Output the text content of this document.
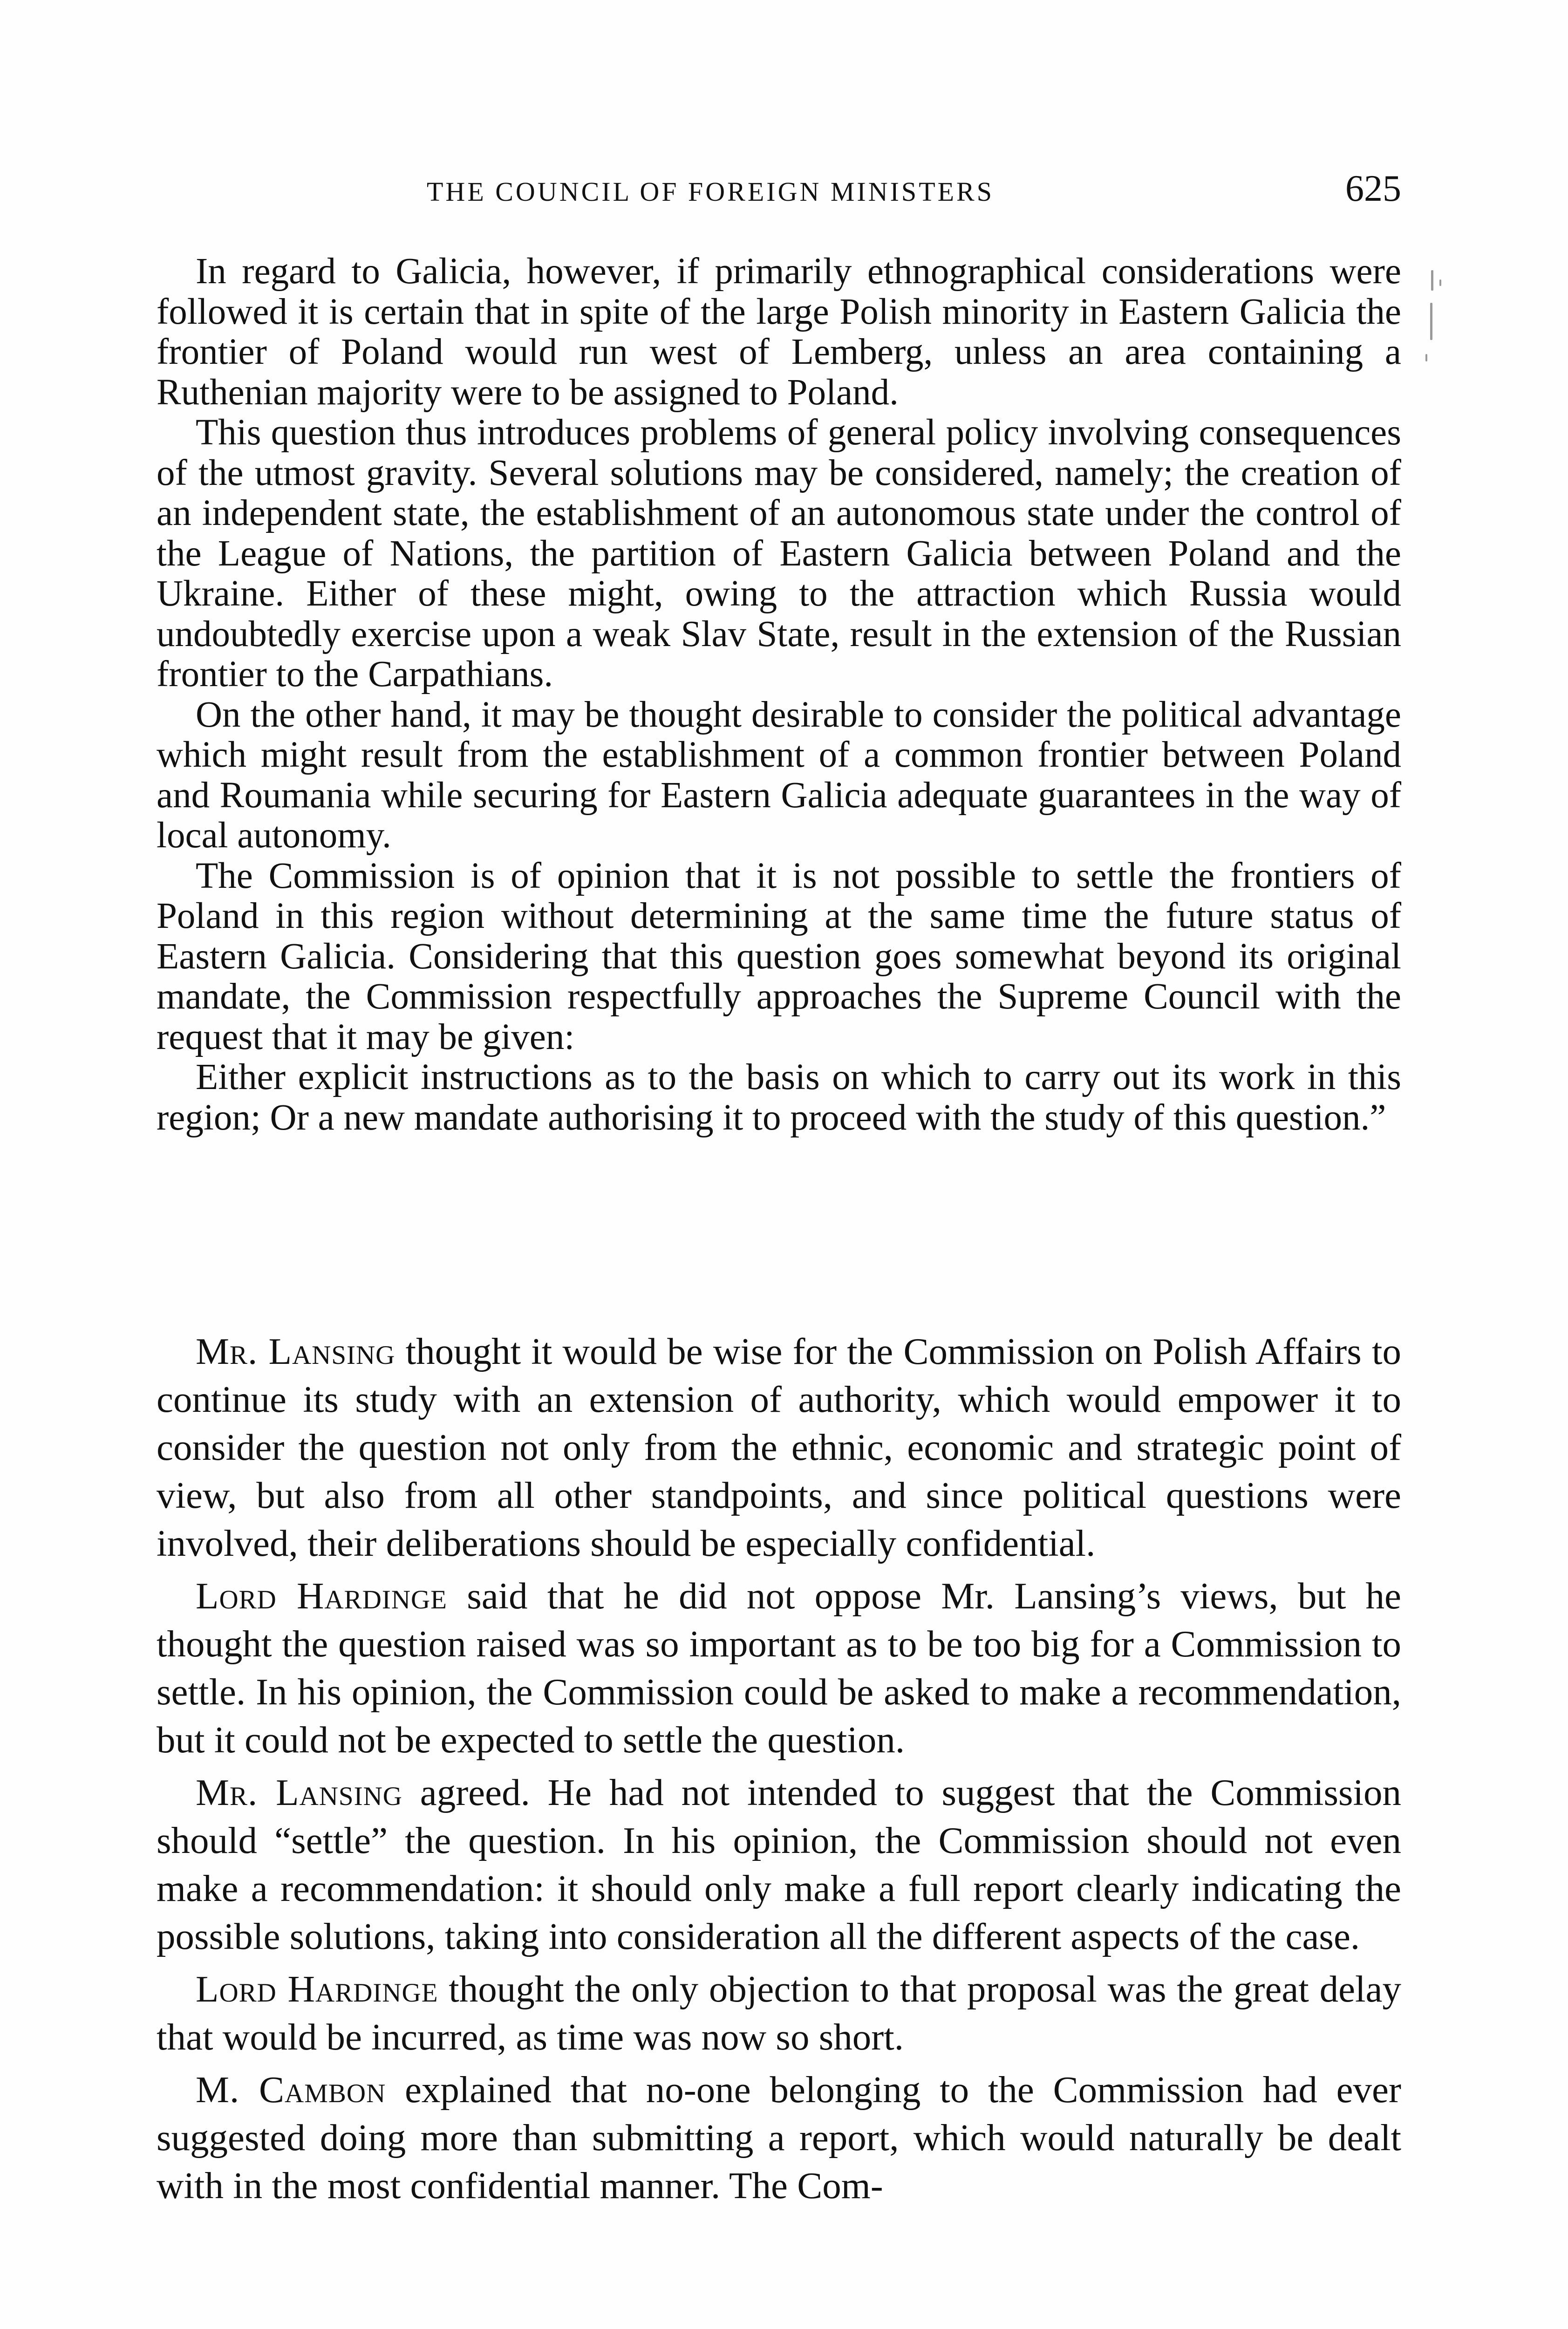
THE COUNCIL OF FOREIGN MINISTERS	625

In regard to Galicia, however, if primarily ethnographical considerations were followed it is certain that in spite of the large Polish minority in Eastern Galicia the frontier of Poland would run west of Lemberg, unless an area containing a Ruthenian majority were to be assigned to Poland.

This question thus introduces problems of general policy involving consequences of the utmost gravity. Several solutions may be considered, namely; the creation of an independent state, the establishment of an autonomous state under the control of the League of Nations, the partition of Eastern Galicia between Poland and the Ukraine. Either of these might, owing to the attraction which Russia would undoubtedly exercise upon a weak Slav State, result in the extension of the Russian frontier to the Carpathians.

On the other hand, it may be thought desirable to consider the political advantage which might result from the establishment of a common frontier between Poland and Roumania while securing for Eastern Galicia adequate guarantees in the way of local autonomy.

The Commission is of opinion that it is not possible to settle the frontiers of Poland in this region without determining at the same time the future status of Eastern Galicia. Considering that this question goes somewhat beyond its original mandate, the Commission respectfully approaches the Supreme Council with the request that it may be given:

Either explicit instructions as to the basis on which to carry out its work in this region; Or a new mandate authorising it to proceed with the study of this question.”

Mr. Lansing thought it would be wise for the Commission on Polish Affairs to continue its study with an extension of authority, which would empower it to consider the question not only from the ethnic, economic and strategic point of view, but also from all other standpoints, and since political questions were involved, their deliberations should be especially confidential.

Lord Hardinge said that he did not oppose Mr. Lansing’s views, but he thought the question raised was so important as to be too big for a Commission to settle. In his opinion, the Commission could be asked to make a recommendation, but it could not be expected to settle the question.

Mr. Lansing agreed. He had not intended to suggest that the Commission should “settle” the question. In his opinion, the Commission should not even make a recommendation: it should only make a full report clearly indicating the possible solutions, taking into consideration all the different aspects of the case.

Lord Hardinge thought the only objection to that proposal was the great delay that would be incurred, as time was now so short.

M. Cambon explained that no-one belonging to the Commission had ever suggested doing more than submitting a report, which would naturally be dealt with in the most confidential manner. The Com-
